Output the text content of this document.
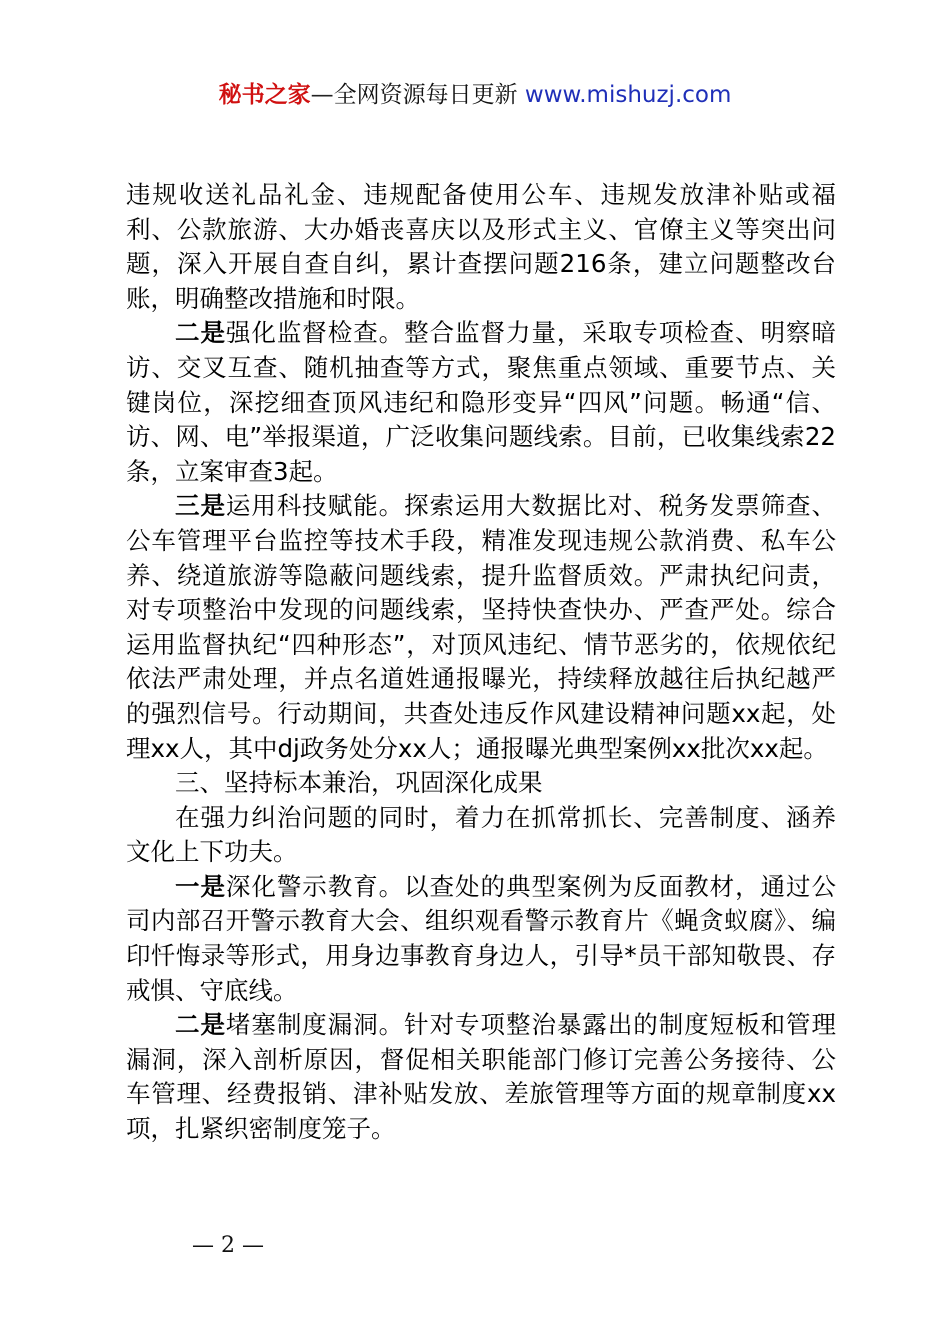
秘书之家—全网资源每日更新 www.mishuzj.com

违规收送礼品礼金、违规配备使用公车、违规发放津补贴或福利、公款旅游、大办婚丧喜庆以及形式主义、官僚主义等突出问题，深入开展自查自纠，累计查摆问题216条，建立问题整改台账，明确整改措施和时限。

二是强化监督检查。整合监督力量，采取专项检查、明察暗访、交叉互查、随机抽查等方式，聚焦重点领域、重要节点、关键岗位，深挖细查顶风违纪和隐形变异“四风”问题。畅通“信、访、网、电”举报渠道，广泛收集问题线索。目前，已收集线索22条，立案审查3起。

三是运用科技赋能。探索运用大数据比对、税务发票筛查、公车管理平台监控等技术手段，精准发现违规公款消费、私车公养、绕道旅游等隐蔽问题线索，提升监督质效。严肃执纪问责，对专项整治中发现的问题线索，坚持快查快办、严查严处。综合运用监督执纪“四种形态”，对顶风违纪、情节恶劣的，依规依纪依法严肃处理，并点名道姓通报曝光，持续释放越往后执纪越严的强烈信号。行动期间，共查处违反作风建设精神问题xx起，处理xx人，其中dj政务处分xx人；通报曝光典型案例xx批次xx起。

三、坚持标本兼治，巩固深化成果

在强力纠治问题的同时，着力在抓常抓长、完善制度、涵养文化上下功夫。

一是深化警示教育。以查处的典型案例为反面教材，通过公司内部召开警示教育大会、组织观看警示教育片《蝇贪蚁腐》、编印忏悔录等形式，用身边事教育身边人，引导*员干部知敬畏、存戒惧、守底线。

二是堵塞制度漏洞。针对专项整治暴露出的制度短板和管理漏洞，深入剖析原因，督促相关职能部门修订完善公务接待、公车管理、经费报销、津补贴发放、差旅管理等方面的规章制度xx项，扎紧织密制度笼子。

— 2 —
